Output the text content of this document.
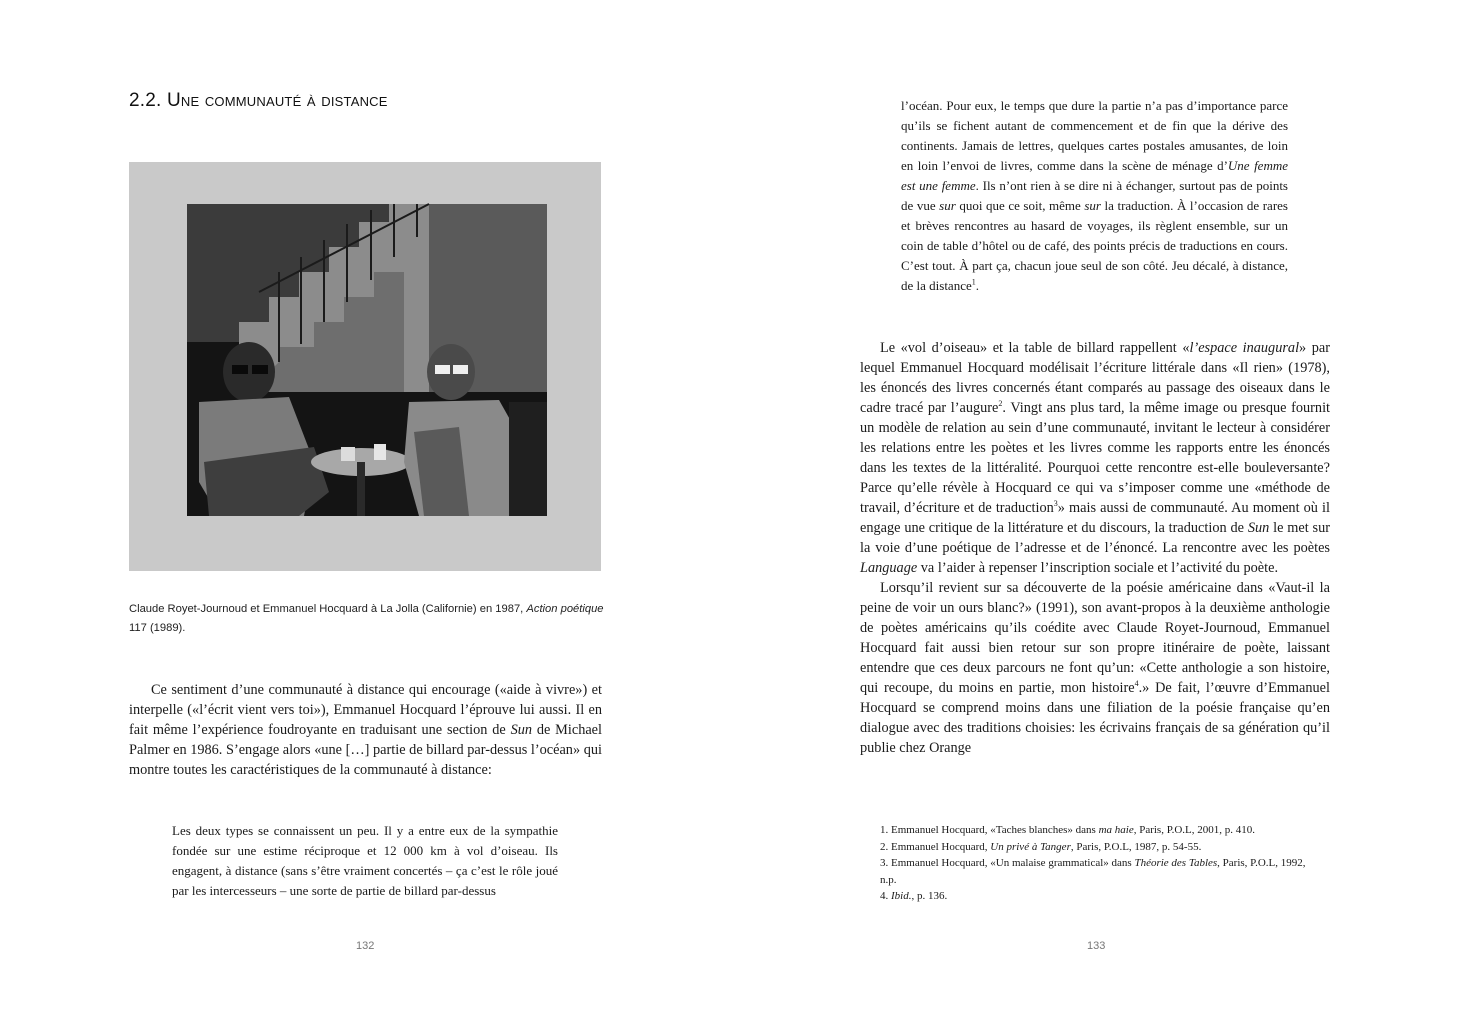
2.2. Une communauté à distance
Claude Royet-Journoud et Emmanuel Hocquard à La Jolla (Californie) en 1987, Action poétique 117 (1989).

Ce sentiment d’une communauté à distance qui encourage («aide à vivre») et interpelle («l’écrit vient vers toi»), Emmanuel Hocquard l’éprouve lui aussi. Il en fait même l’expérience foudroyante en traduisant une section de Sun de Michael Palmer en 1986. S’engage alors «une […] partie de billard par-dessus l’océan» qui montre toutes les caractéristiques de la communauté à distance:

Les deux types se connaissent un peu. Il y a entre eux de la sympathie fondée sur une estime réciproque et 12 000 km à vol d’oiseau. Ils engagent, à distance (sans s’être vraiment concertés – ça c’est le rôle joué par les intercesseurs – une sorte de partie de billard par-dessus

132

l’océan. Pour eux, le temps que dure la partie n’a pas d’importance parce qu’ils se fichent autant de commencement et de fin que la dérive des continents. Jamais de lettres, quelques cartes postales amusantes, de loin en loin l’envoi de livres, comme dans la scène de ménage d’Une femme est une femme. Ils n’ont rien à se dire ni à échanger, surtout pas de points de vue sur quoi que ce soit, même sur la traduction. À l’occasion de rares et brèves rencontres au hasard de voyages, ils règlent ensemble, sur un coin de table d’hôtel ou de café, des points précis de traductions en cours. C’est tout. À part ça, chacun joue seul de son côté. Jeu décalé, à distance, de la distance$^1$.

Le «vol d’oiseau» et la table de billard rappellent «l’espace inaugural» par lequel Emmanuel Hocquard modélisait l’écriture littérale dans «Il rien» (1978), les énoncés des livres concernés étant comparés au passage des oiseaux dans le cadre tracé par l’augure$^2$. Vingt ans plus tard, la même image ou presque fournit un modèle de relation au sein d’une communauté, invitant le lecteur à considérer les relations entre les poètes et les livres comme les rapports entre les énoncés dans les textes de la littéralité. Pourquoi cette rencontre est-elle bouleversante? Parce qu’elle révèle à Hocquard ce qui va s’imposer comme une «méthode de travail, d’écriture et de traduction$^3$» mais aussi de communauté. Au moment où il engage une critique de la littérature et du discours, la traduction de Sun le met sur la voie d’une poétique de l’adresse et de l’énoncé. La rencontre avec les poètes Language va l’aider à repenser l’inscription sociale et l’activité du poète.

Lorsqu’il revient sur sa découverte de la poésie américaine dans «Vaut-il la peine de voir un ours blanc?» (1991), son avant-propos à la deuxième anthologie de poètes américains qu’ils coédite avec Claude Royet-Journoud, Emmanuel Hocquard fait aussi bien retour sur son propre itinéraire de poète, laissant entendre que ces deux parcours ne font qu’un: «Cette anthologie a son histoire, qui recoupe, du moins en partie, mon histoire$^4$.» De fait, l’œuvre d’Emmanuel Hocquard se comprend moins dans une filiation de la poésie française qu’en dialogue avec des traditions choisies: les écrivains français de sa génération qu’il publie chez Orange

1. Emmanuel Hocquard, «Taches blanches» dans ma haie, Paris, P.O.L, 2001, p. 410.
2. Emmanuel Hocquard, Un privé à Tanger, Paris, P.O.L, 1987, p. 54-55.
3. Emmanuel Hocquard, «Un malaise grammatical» dans Théorie des Tables, Paris, P.O.L, 1992, n.p.
4. Ibid., p. 136.
133
